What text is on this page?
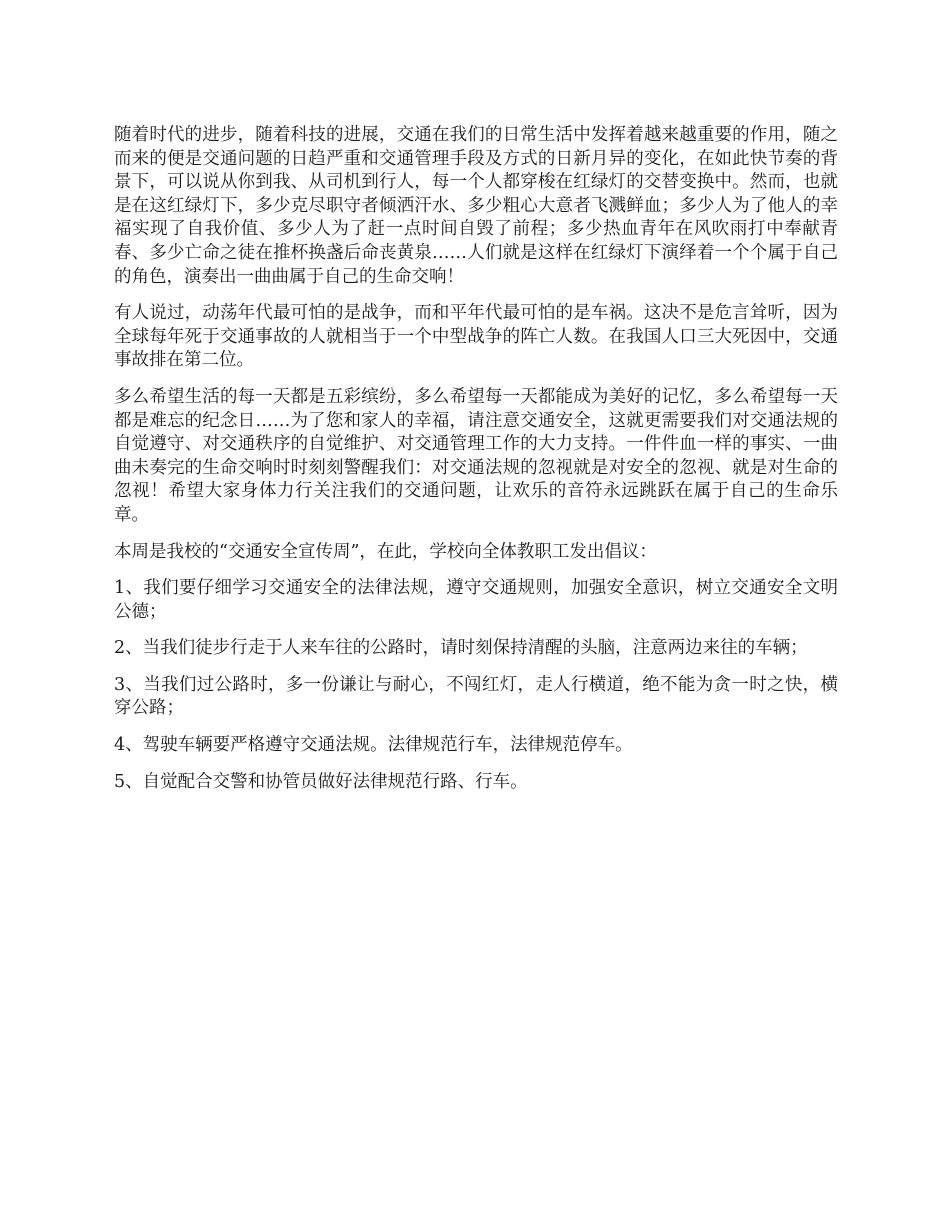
随着时代的进步，随着科技的进展，交通在我们的日常生活中发挥着越来越重要的作用，随之而来的便是交通问题的日趋严重和交通管理手段及方式的日新月异的变化，在如此快节奏的背景下，可以说从你到我、从司机到行人，每一个人都穿梭在红绿灯的交替变换中。然而，也就是在这红绿灯下，多少克尽职守者倾洒汗水、多少粗心大意者飞溅鲜血；多少人为了他人的幸福实现了自我价值、多少人为了赶一点时间自毁了前程；多少热血青年在风吹雨打中奉献青春、多少亡命之徒在推杯换盏后命丧黄泉……人们就是这样在红绿灯下演绎着一个个属于自己的角色，演奏出一曲曲属于自己的生命交响！

有人说过，动荡年代最可怕的是战争，而和平年代最可怕的是车祸。这决不是危言耸听，因为全球每年死于交通事故的人就相当于一个中型战争的阵亡人数。在我国人口三大死因中，交通事故排在第二位。

多么希望生活的每一天都是五彩缤纷，多么希望每一天都能成为美好的记忆，多么希望每一天都是难忘的纪念日……为了您和家人的幸福，请注意交通安全，这就更需要我们对交通法规的自觉遵守、对交通秩序的自觉维护、对交通管理工作的大力支持。一件件血一样的事实、一曲曲未奏完的生命交响时时刻刻警醒我们：对交通法规的忽视就是对安全的忽视、就是对生命的忽视！希望大家身体力行关注我们的交通问题，让欢乐的音符永远跳跃在属于自己的生命乐章。

本周是我校的“交通安全宣传周”，在此，学校向全体教职工发出倡议：

1、我们要仔细学习交通安全的法律法规，遵守交通规则，加强安全意识，树立交通安全文明公德；

2、当我们徒步行走于人来车往的公路时，请时刻保持清醒的头脑，注意两边来往的车辆；

3、当我们过公路时，多一份谦让与耐心，不闯红灯，走人行横道，绝不能为贪一时之快，横穿公路；

4、驾驶车辆要严格遵守交通法规。法律规范行车，法律规范停车。

5、自觉配合交警和协管员做好法律规范行路、行车。
